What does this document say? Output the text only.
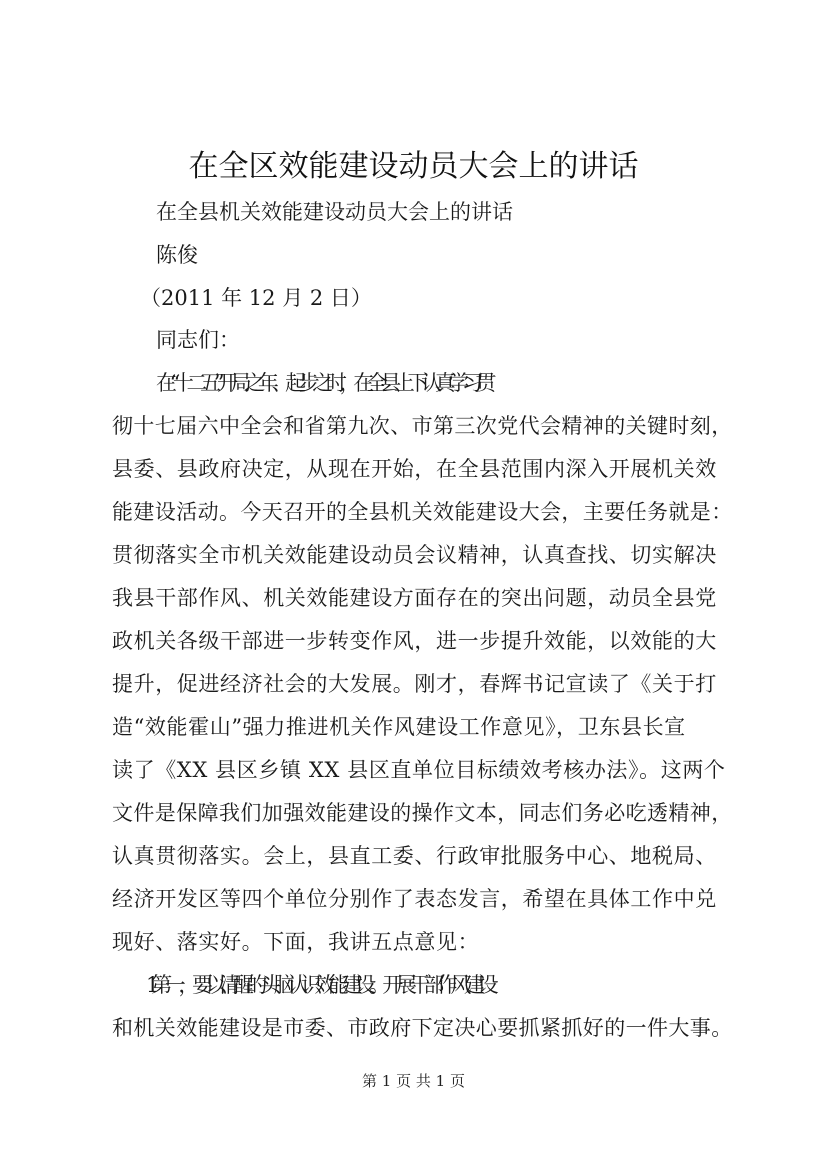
在全区效能建设动员大会上的讲话
在全县机关效能建设动员大会上的讲话
陈俊
（2011 年 12 月 2 日）
同志们：
在“十二五”开局之年、起步之时，在全县上下认真学习贯
彻十七届六中全会和省第九次、市第三次党代会精神的关键时刻，
县委、县政府决定，从现在开始，在全县范围内深入开展机关效
能建设活动。今天召开的全县机关效能建设大会，主要任务就是：
贯彻落实全市机关效能建设动员会议精神，认真查找、切实解决
我县干部作风、机关效能建设方面存在的突出问题，动员全县党
政机关各级干部进一步转变作风，进一步提升效能，以效能的大
提升，促进经济社会的大发展。刚才，春辉书记宣读了《关于打
造“效能霍山”强力推进机关作风建设工作意见》，卫东县长宣
读了《XX 县区乡镇 XX 县区直单位目标绩效考核办法》。这两个
文件是保障我们加强效能建设的操作文本，同志们务必吃透精神，
认真贯彻落实。会上，县直工委、行政审批服务中心、地税局、
经济开发区等四个单位分别作了表态发言，希望在具体工作中兑
现好、落实好。下面，我讲五点意见：
1 第一，要以清醒的头脑认识效能建设。开展干部作风建设
和机关效能建设是市委、市政府下定决心要抓紧抓好的一件大事。
第 1 页 共 1 页
